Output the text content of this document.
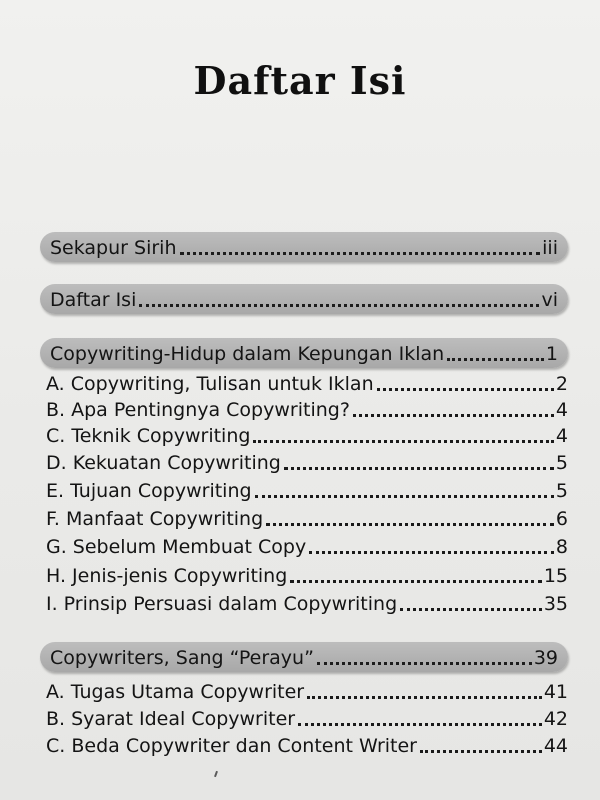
Daftar Isi
Sekapur Sirih	iii
Daftar Isi	vi
Copywriting-Hidup dalam Kepungan Iklan	1
A. Copywriting, Tulisan untuk Iklan	2
B. Apa Pentingnya Copywriting?	4
C. Teknik Copywriting	4
D. Kekuatan Copywriting	5
E. Tujuan Copywriting	5
F. Manfaat Copywriting	6
G. Sebelum Membuat Copy	8
H. Jenis-jenis Copywriting	15
I. Prinsip Persuasi dalam Copywriting	35
Copywriters, Sang “Perayu”	39
A. Tugas Utama Copywriter	41
B. Syarat Ideal Copywriter	42
C. Beda Copywriter dan Content Writer	44
